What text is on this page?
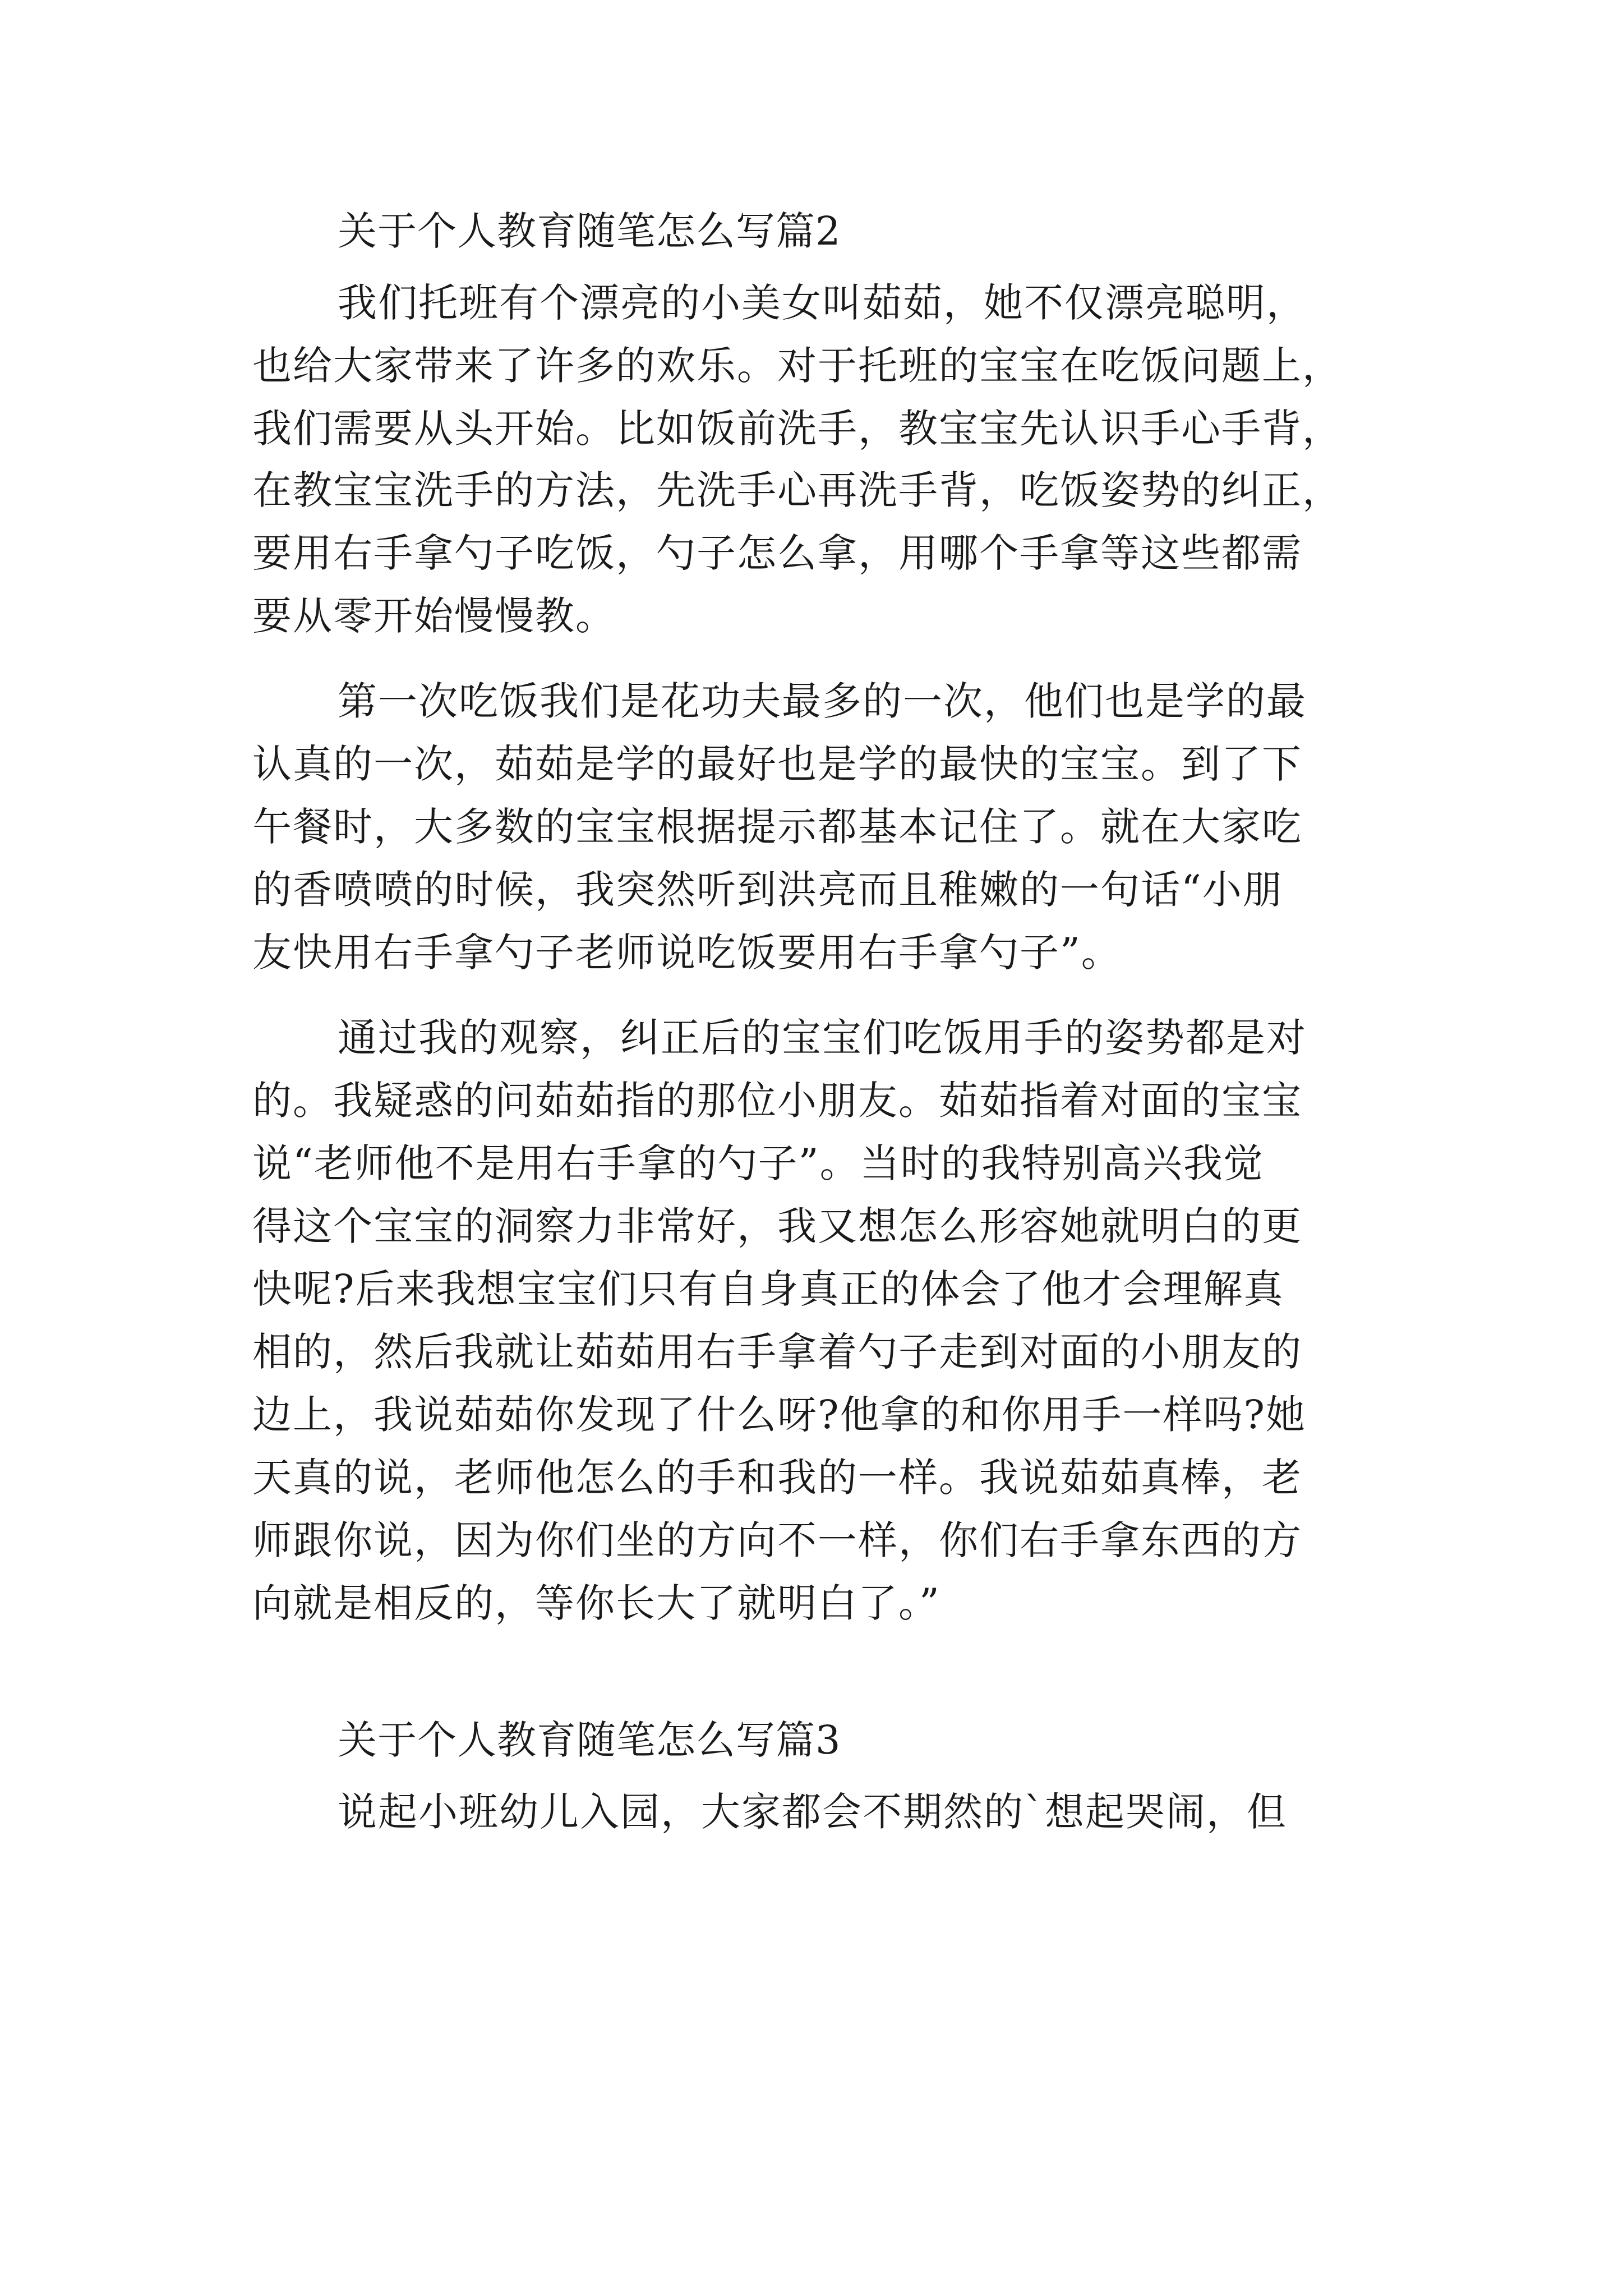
关于个人教育随笔怎么写篇2
我们托班有个漂亮的小美女叫茹茹，她不仅漂亮聪明，
也给大家带来了许多的欢乐。对于托班的宝宝在吃饭问题上，
我们需要从头开始。比如饭前洗手，教宝宝先认识手心手背，
在教宝宝洗手的方法，先洗手心再洗手背，吃饭姿势的纠正，
要用右手拿勺子吃饭，勺子怎么拿，用哪个手拿等这些都需
要从零开始慢慢教。
第一次吃饭我们是花功夫最多的一次，他们也是学的最
认真的一次，茹茹是学的最好也是学的最快的宝宝。到了下
午餐时，大多数的宝宝根据提示都基本记住了。就在大家吃
的香喷喷的时候，我突然听到洪亮而且稚嫩的一句话“小朋
友快用右手拿勺子老师说吃饭要用右手拿勺子”。
通过我的观察，纠正后的宝宝们吃饭用手的姿势都是对
的。我疑惑的问茹茹指的那位小朋友。茹茹指着对面的宝宝
说“老师他不是用右手拿的勺子”。当时的我特别高兴我觉
得这个宝宝的洞察力非常好，我又想怎么形容她就明白的更
快呢?后来我想宝宝们只有自身真正的体会了他才会理解真
相的，然后我就让茹茹用右手拿着勺子走到对面的小朋友的
边上，我说茹茹你发现了什么呀?他拿的和你用手一样吗?她
天真的说，老师他怎么的手和我的一样。我说茹茹真棒，老
师跟你说，因为你们坐的方向不一样，你们右手拿东西的方
向就是相反的，等你长大了就明白了。”
关于个人教育随笔怎么写篇3
说起小班幼儿入园，大家都会不期然的`想起哭闹，但
